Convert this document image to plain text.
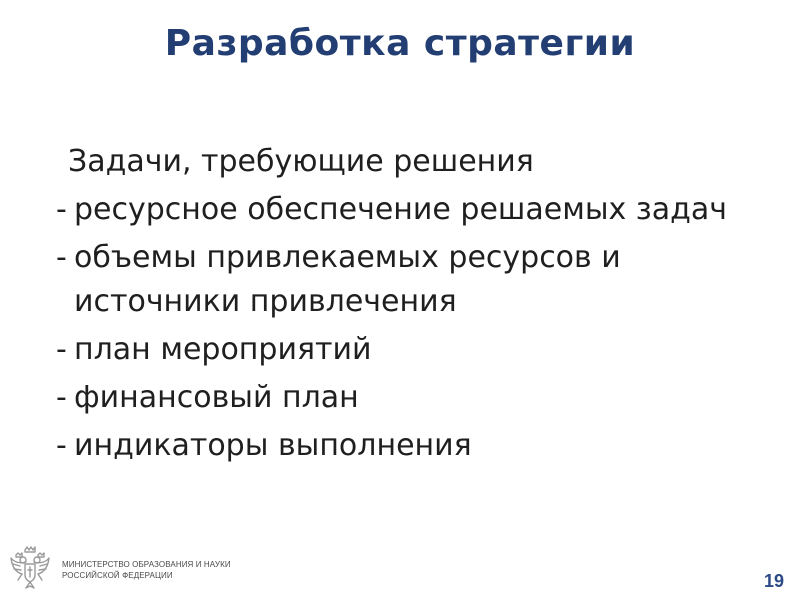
Разработка стратегии
Задачи, требующие решения
- ресурсное обеспечение решаемых задач
- объемы привлекаемых ресурсов и источники привлечения
- план мероприятий
- финансовый план
- индикаторы выполнения
МИНИСТЕРСТВО ОБРАЗОВАНИЯ И НАУКИ
РОССИЙСКОЙ ФЕДЕРАЦИИ	19
